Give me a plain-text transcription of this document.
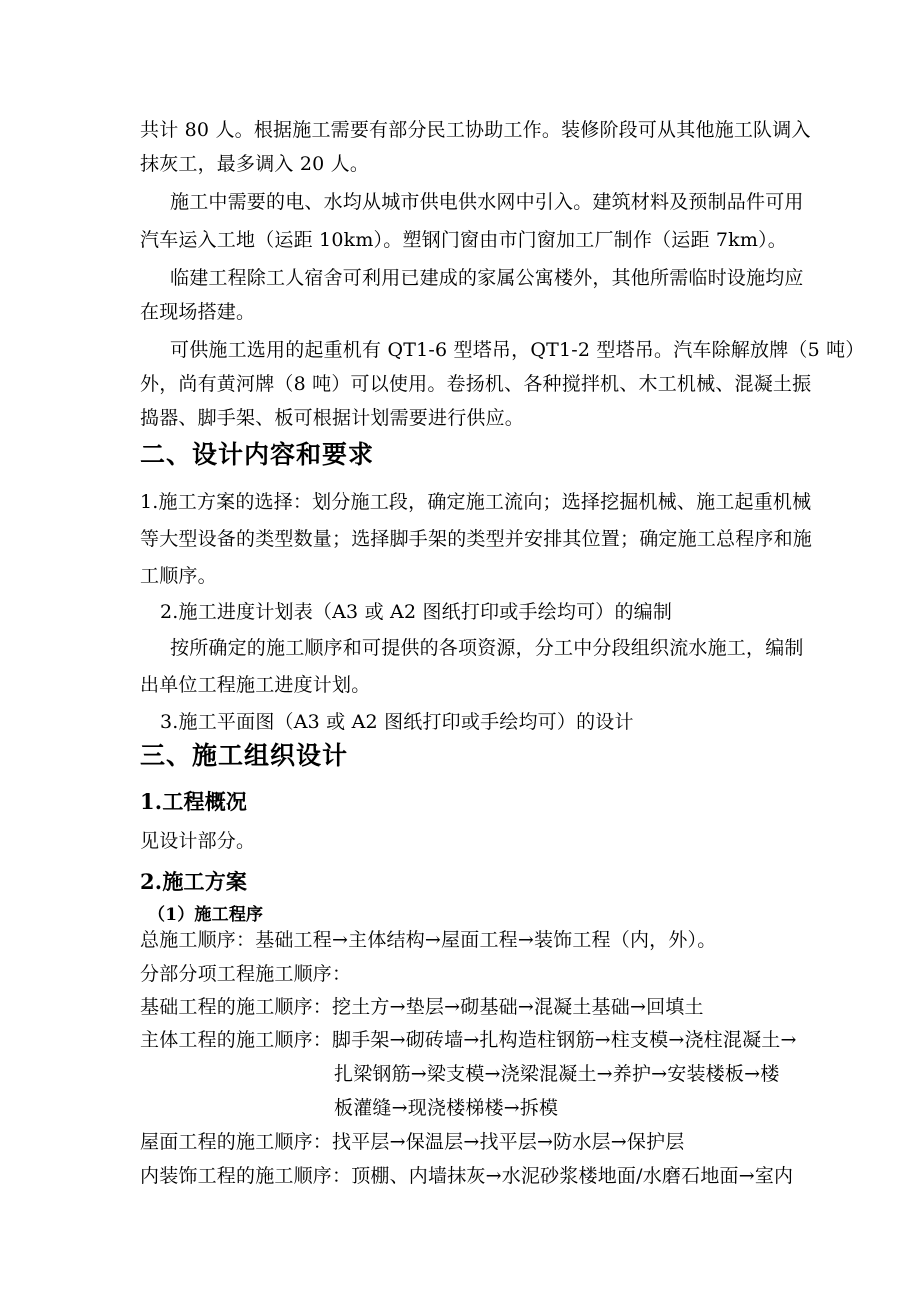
共计 80 人。根据施工需要有部分民工协助工作。装修阶段可从其他施工队调入
抹灰工，最多调入 20 人。
施工中需要的电、水均从城市供电供水网中引入。建筑材料及预制品件可用
汽车运入工地（运距 10km）。塑钢门窗由市门窗加工厂制作（运距 7km）。
临建工程除工人宿舍可利用已建成的家属公寓楼外，其他所需临时设施均应
在现场搭建。
可供施工选用的起重机有 QT1-6 型塔吊，QT1-2 型塔吊。汽车除解放牌（5 吨）
外，尚有黄河牌（8 吨）可以使用。卷扬机、各种搅拌机、木工机械、混凝土振
捣器、脚手架、板可根据计划需要进行供应。
二、设计内容和要求
1.施工方案的选择：划分施工段，确定施工流向；选择挖掘机械、施工起重机械
等大型设备的类型数量；选择脚手架的类型并安排其位置；确定施工总程序和施
工顺序。
2.施工进度计划表（A3 或 A2 图纸打印或手绘均可）的编制
按所确定的施工顺序和可提供的各项资源，分工中分段组织流水施工，编制
出单位工程施工进度计划。
3.施工平面图（A3 或 A2 图纸打印或手绘均可）的设计
三、施工组织设计
1.工程概况
见设计部分。
2.施工方案
（1）施工程序
总施工顺序：基础工程→主体结构→屋面工程→装饰工程（内，外）。
分部分项工程施工顺序：
基础工程的施工顺序：挖土方→垫层→砌基础→混凝土基础→回填土
主体工程的施工顺序：脚手架→砌砖墙→扎构造柱钢筋→柱支模→浇柱混凝土→
扎梁钢筋→梁支模→浇梁混凝土→养护→安装楼板→楼
板灌缝→现浇楼梯楼→拆模
屋面工程的施工顺序：找平层→保温层→找平层→防水层→保护层
内装饰工程的施工顺序：顶棚、内墙抹灰→水泥砂浆楼地面/水磨石地面→室内
